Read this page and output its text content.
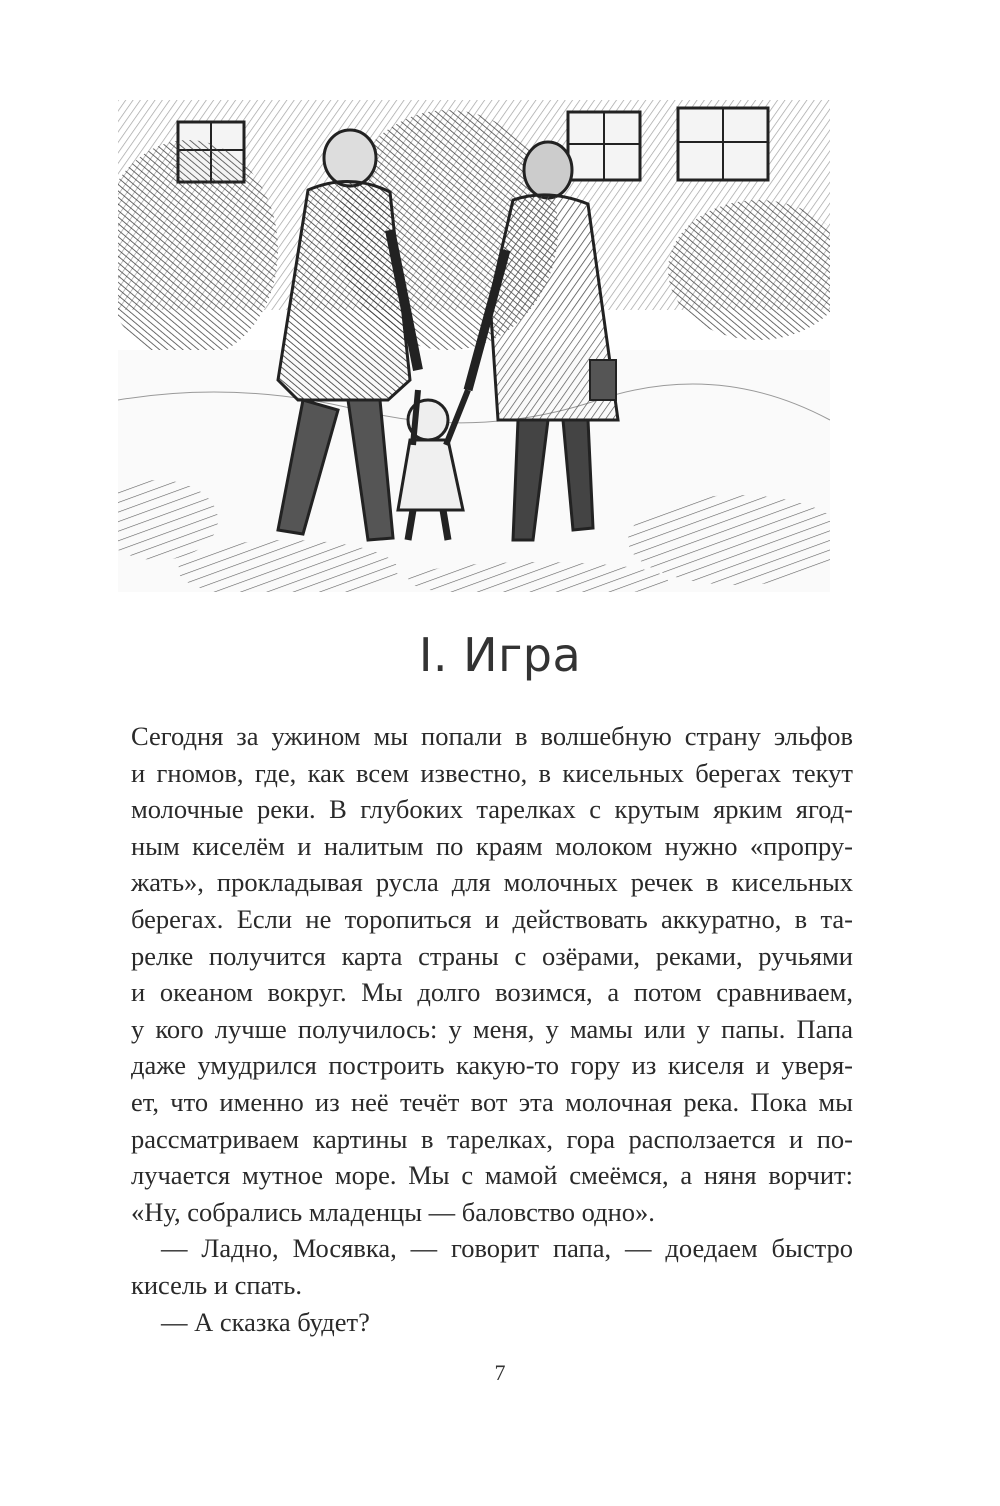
I. Игра
Сегодня за ужином мы попали в волшебную страну эльфов
и гномов, где, как всем известно, в кисельных берегах текут
молочные реки. В глубоких тарелках с крутым ярким ягод-
ным киселём и налитым по краям молоком нужно «пропру-
жать», прокладывая русла для молочных речек в кисельных
берегах. Если не торопиться и действовать аккуратно, в та-
релке получится карта страны с озёрами, реками, ручьями
и океаном вокруг. Мы долго возимся, а потом сравниваем,
у кого лучше получилось: у меня, у мамы или у папы. Папа
даже умудрился построить какую-то гору из киселя и уверя-
ет, что именно из неё течёт вот эта молочная река. Пока мы
рассматриваем картины в тарелках, гора расползается и по-
лучается мутное море. Мы с мамой смеёмся, а няня ворчит:
«Ну, собрались младенцы — баловство одно».
— Ладно, Мосявка, — говорит папа, — доедаем быстро
кисель и спать.
— А сказка будет?
7
